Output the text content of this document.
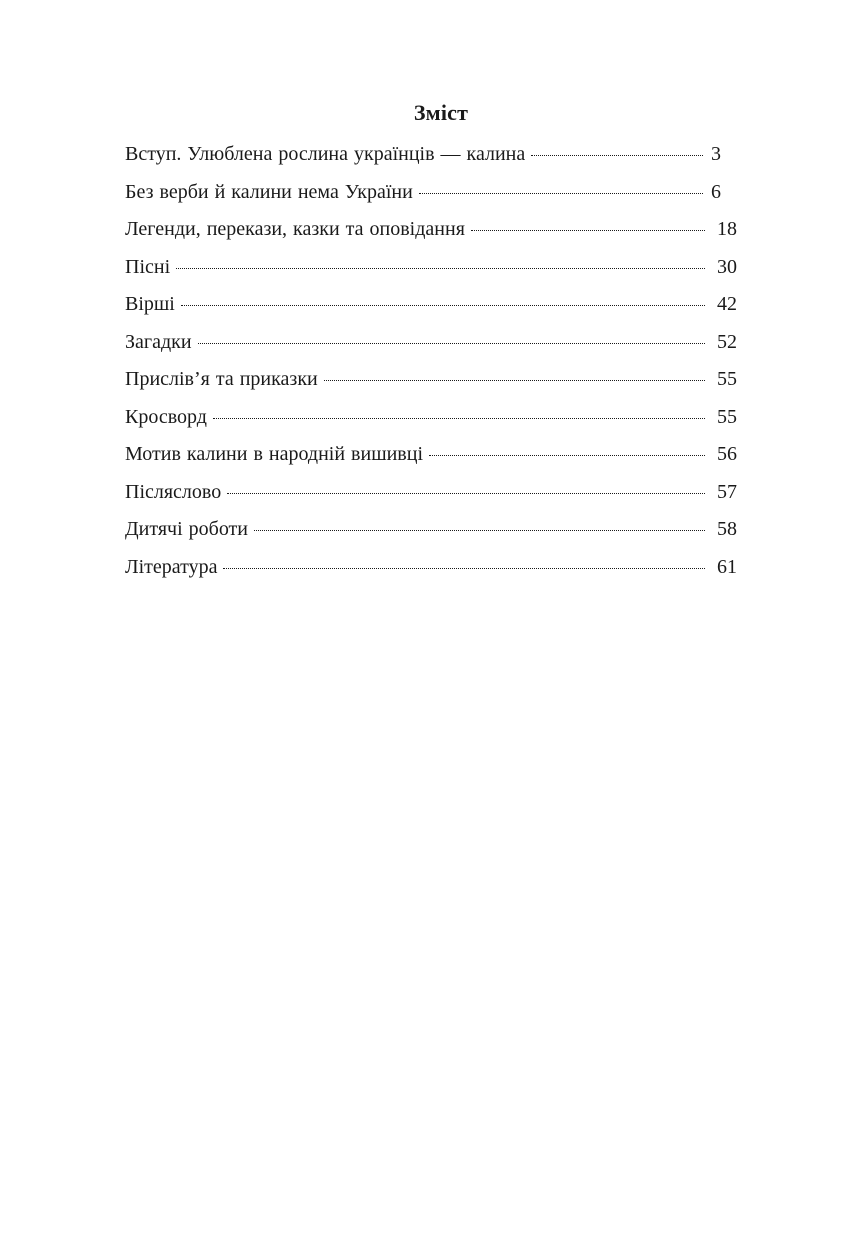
Зміст
Вступ. Улюблена рослина українців — калина	3
Без верби й калини нема України	6
Легенди, перекази, казки та оповідання	18
Пісні	30
Вірші	42
Загадки	52
Прислів’я та приказки	55
Кросворд	55
Мотив калини в народній вишивці	56
Післяслово	57
Дитячі роботи	58
Література	61
